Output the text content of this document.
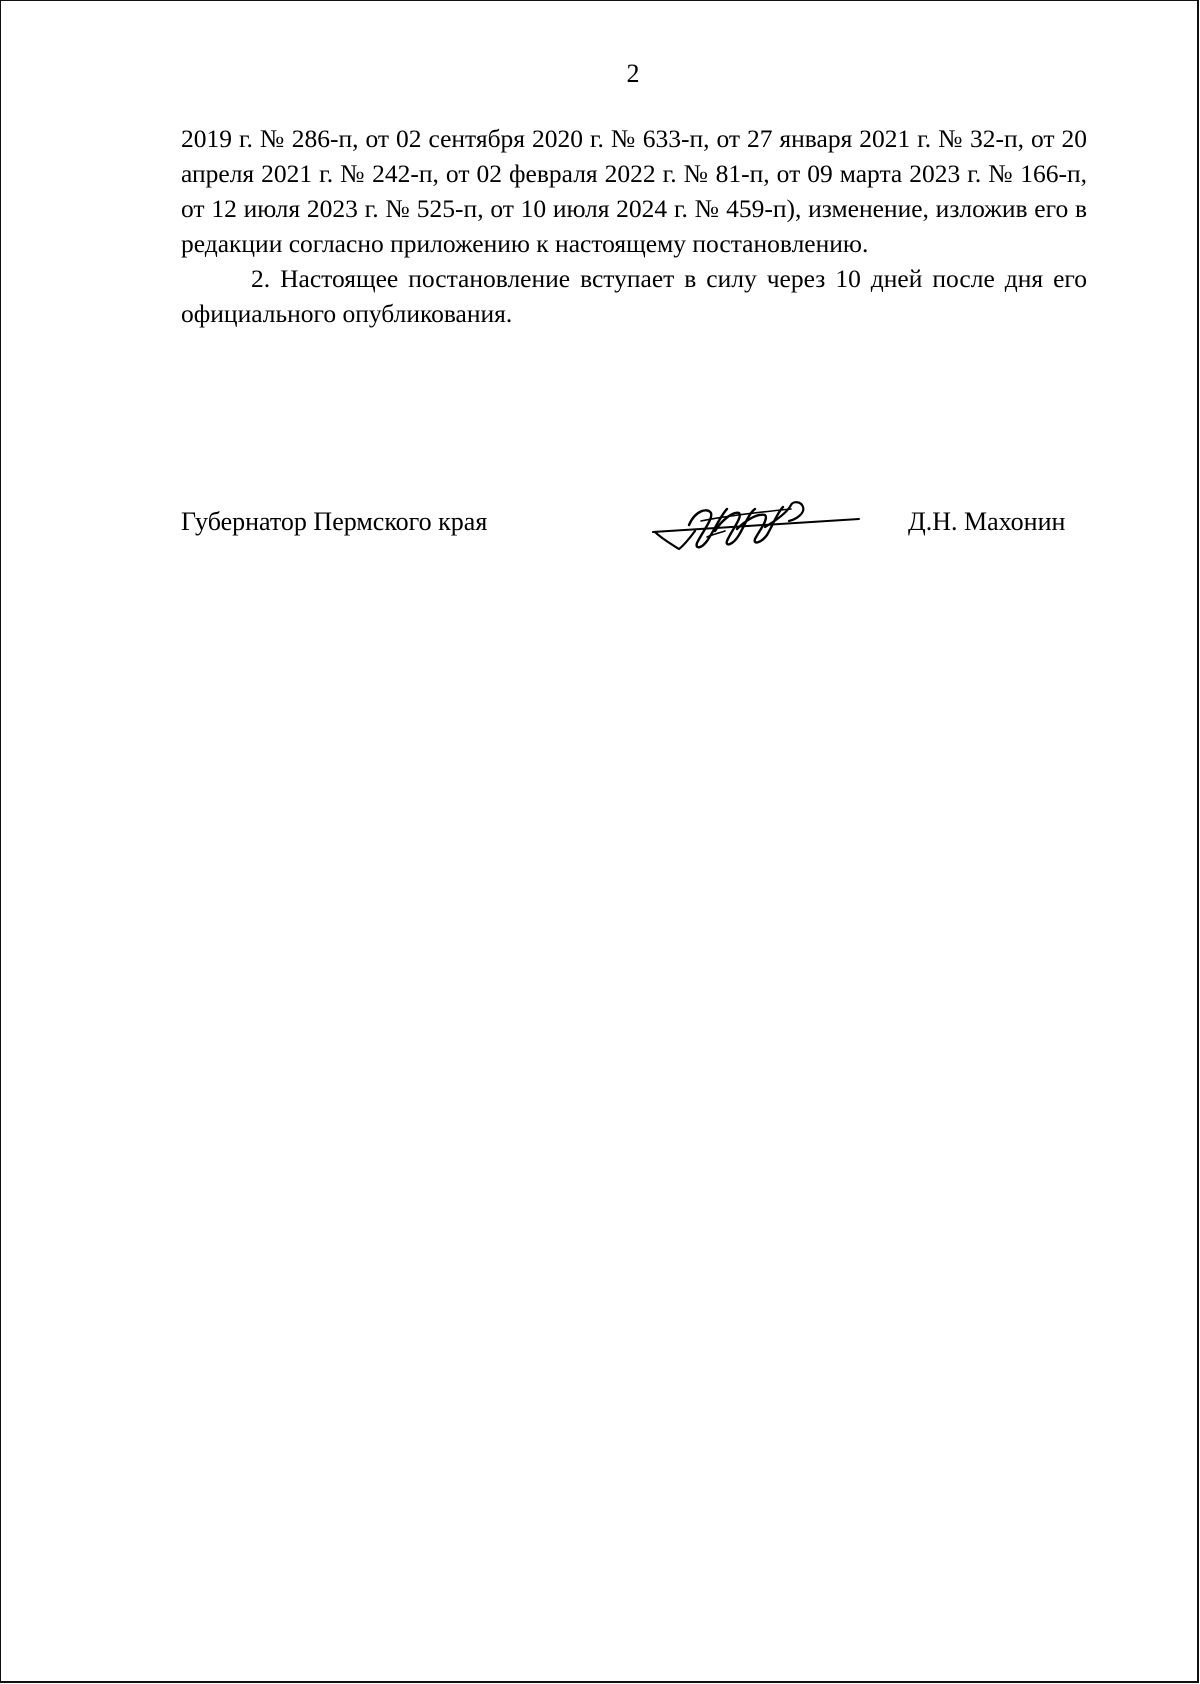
2

2019 г. № 286-п, от 02 сентября 2020 г. № 633-п, от 27 января 2021 г. № 32-п, от 20 апреля 2021 г. № 242-п, от 02 февраля 2022 г. № 81-п, от 09 марта 2023 г. № 166-п, от 12 июля 2023 г. № 525-п, от 10 июля 2024 г. № 459-п), изменение, изложив его в редакции согласно приложению к настоящему постановлению.

2. Настоящее постановление вступает в силу через 10 дней после дня его официального опубликования.

Губернатор Пермского края	Д.Н. Махонин
